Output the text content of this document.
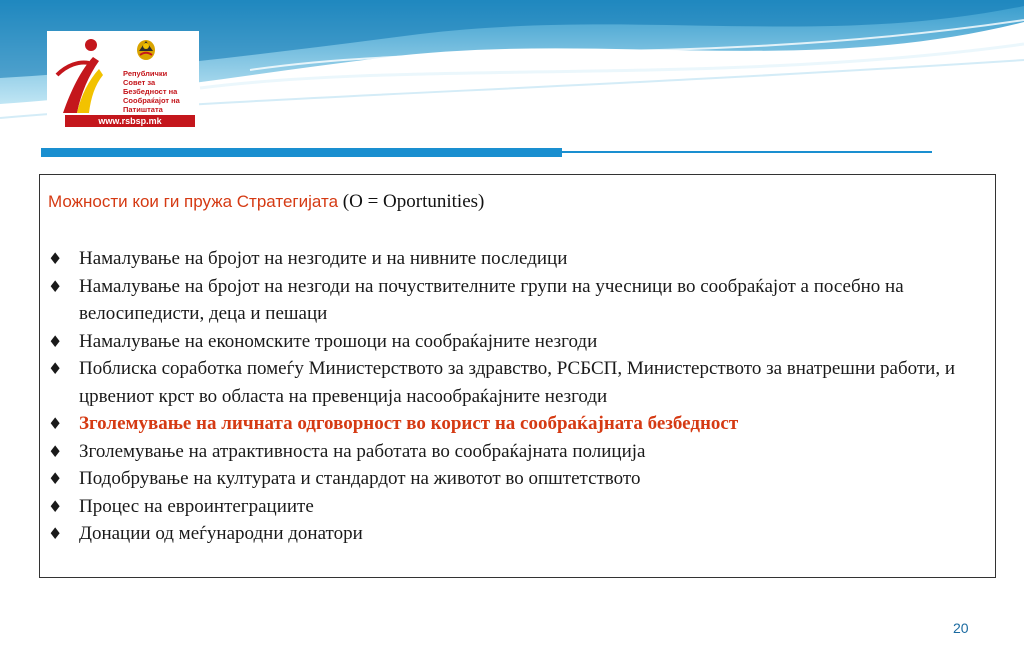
Републички
Совет за
Безбедност на
Сообраќајот на
Патиштата
www.rsbsp.mk
Можности кои ги пружа Стратегијата (O = Oportunities)
♦ Намалување на бројот на незгодите и на нивните последици
♦ Намалување на бројот на незгоди на почуствителните групи на учесници во сообраќајот а посебно на велосипедисти, деца и пешаци
♦ Намалување на економските трошоци на сообраќајните незгоди
♦ Поблиска соработка помеѓу Министерството за здравство, РСБСП, Министерството за внатрешни работи, и црвениот крст во областа на превенција насообраќајните незгоди
♦ Зголемување на личната одговорност во корист на сообраќајната безбедност
♦ Зголемување на атрактивноста на работата во сообраќајната полиција
♦ Подобрување на културата и стандардот на животот во општетството
♦ Процес на евроинтеграциите
♦ Донации од меѓународни донатори
20
